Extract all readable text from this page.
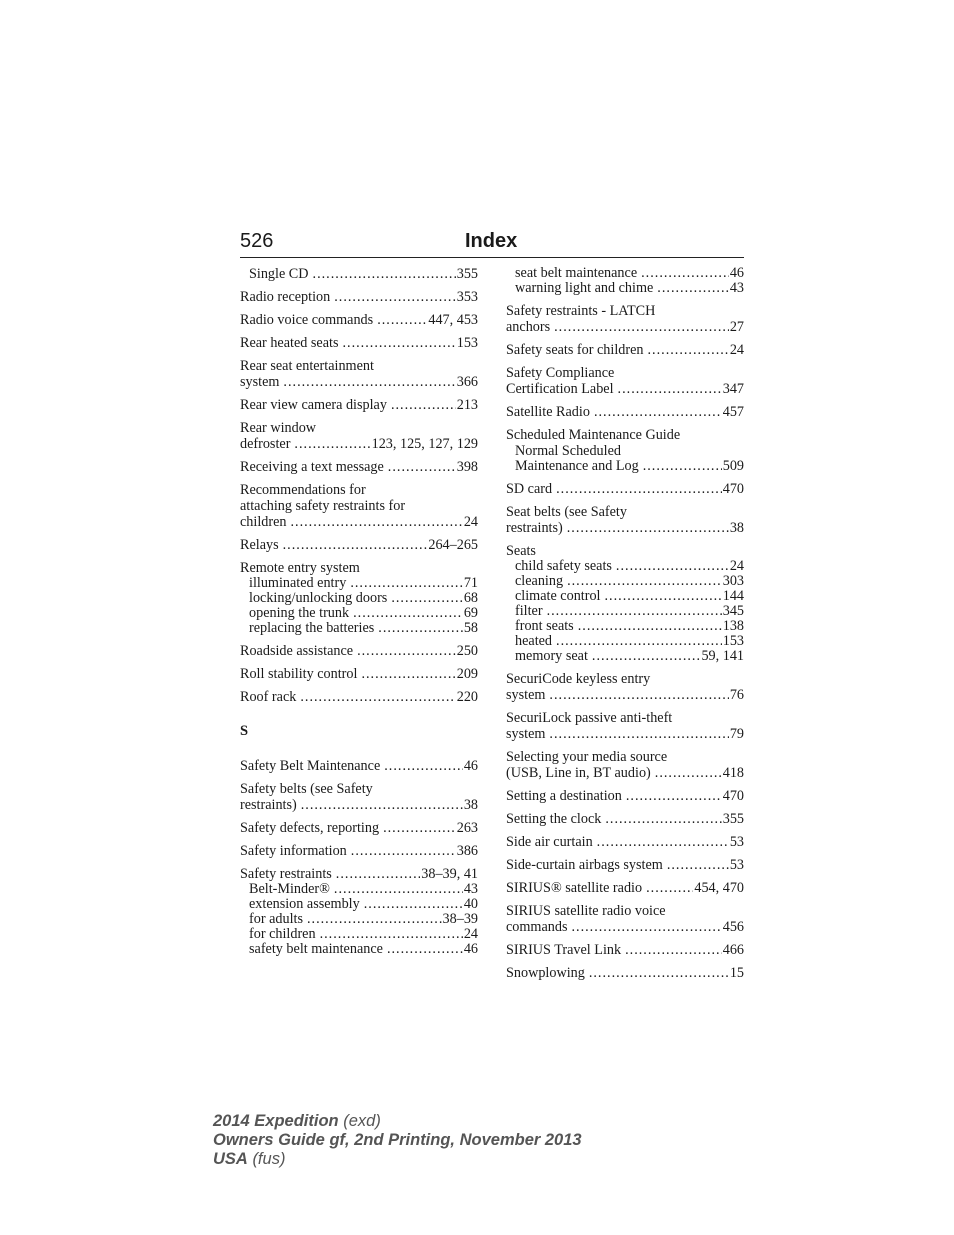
526	Index
Single CD .....	355
Radio reception .....	353
Radio voice commands .....	447, 453
Rear heated seats .....	153
Rear seat entertainment
system .....	366
Rear view camera display .....	213
Rear window
defroster .....	123, 125, 127, 129
Receiving a text message .....	398
Recommendations for
attaching safety restraints for
children .....	24
Relays .....	264–265
Remote entry system
illuminated entry .....	71
locking/unlocking doors .....	68
opening the trunk .....	69
replacing the batteries .....	58
Roadside assistance .....	250
Roll stability control .....	209
Roof rack .....	220
S
Safety Belt Maintenance .....	46
Safety belts (see Safety
restraints) .....	38
Safety defects, reporting .....	263
Safety information .....	386
Safety restraints .....	38–39, 41
Belt-Minder® .....	43
extension assembly .....	40
for adults .....	38–39
for children .....	24
safety belt maintenance .....	46
seat belt maintenance .....	46
warning light and chime .....	43
Safety restraints - LATCH
anchors .....	27
Safety seats for children .....	24
Safety Compliance
Certification Label .....	347
Satellite Radio .....	457
Scheduled Maintenance Guide
Normal Scheduled
Maintenance and Log .....	509
SD card .....	470
Seat belts (see Safety
restraints) .....	38
Seats
child safety seats .....	24
cleaning .....	303
climate control .....	144
filter .....	345
front seats .....	138
heated .....	153
memory seat .....	59, 141
SecuriCode keyless entry
system .....	76
SecuriLock passive anti-theft
system .....	79
Selecting your media source
(USB, Line in, BT audio) .....	418
Setting a destination .....	470
Setting the clock .....	355
Side air curtain .....	53
Side-curtain airbags system .....	53
SIRIUS® satellite radio .....	454, 470
SIRIUS satellite radio voice
commands .....	456
SIRIUS Travel Link .....	466
Snowplowing .....	15
2014 Expedition (exd)
Owners Guide gf, 2nd Printing, November 2013
USA (fus)
